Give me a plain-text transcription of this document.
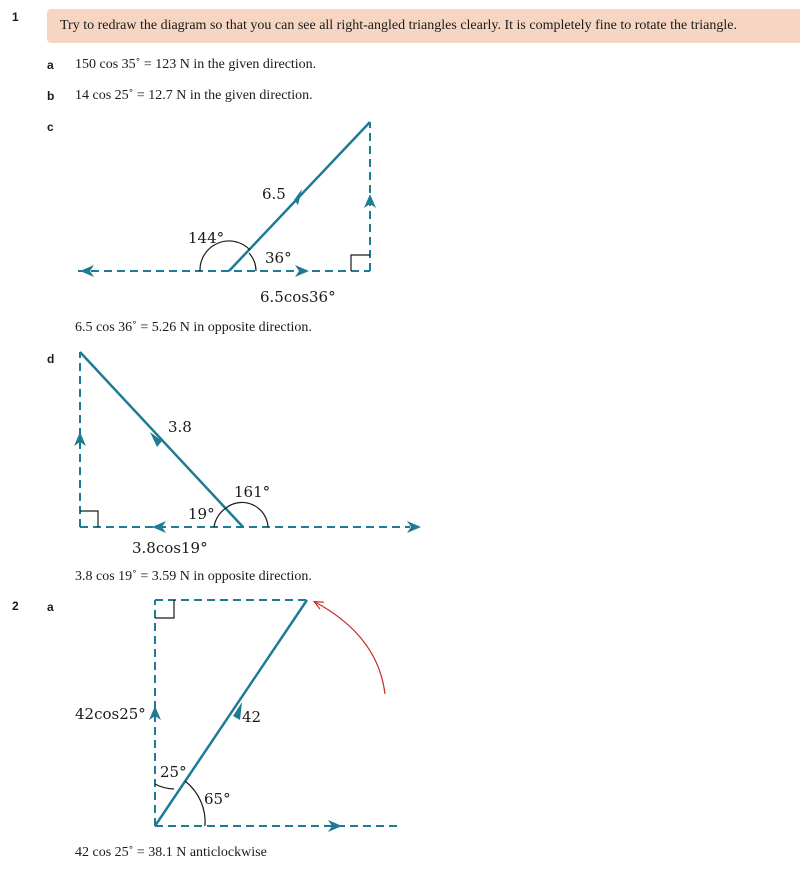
1
Try to redraw the diagram so that you can see all right-angled triangles clearly. It is completely fine to rotate the triangle.
a 150 cos 35˚ = 123 N in the given direction.
b 14 cos 25˚ = 12.7 N in the given direction.
c
6.5 cos 36˚ = 5.26 N in opposite direction.
d
3.8 cos 19˚ = 3.59 N in opposite direction.
2 a
42 cos 25˚ = 38.1 N anticlockwise
6.5
144°
36°
6.5cos36°
3.8
161°
19°
3.8cos19°
42
42cos25°
25°
65°
